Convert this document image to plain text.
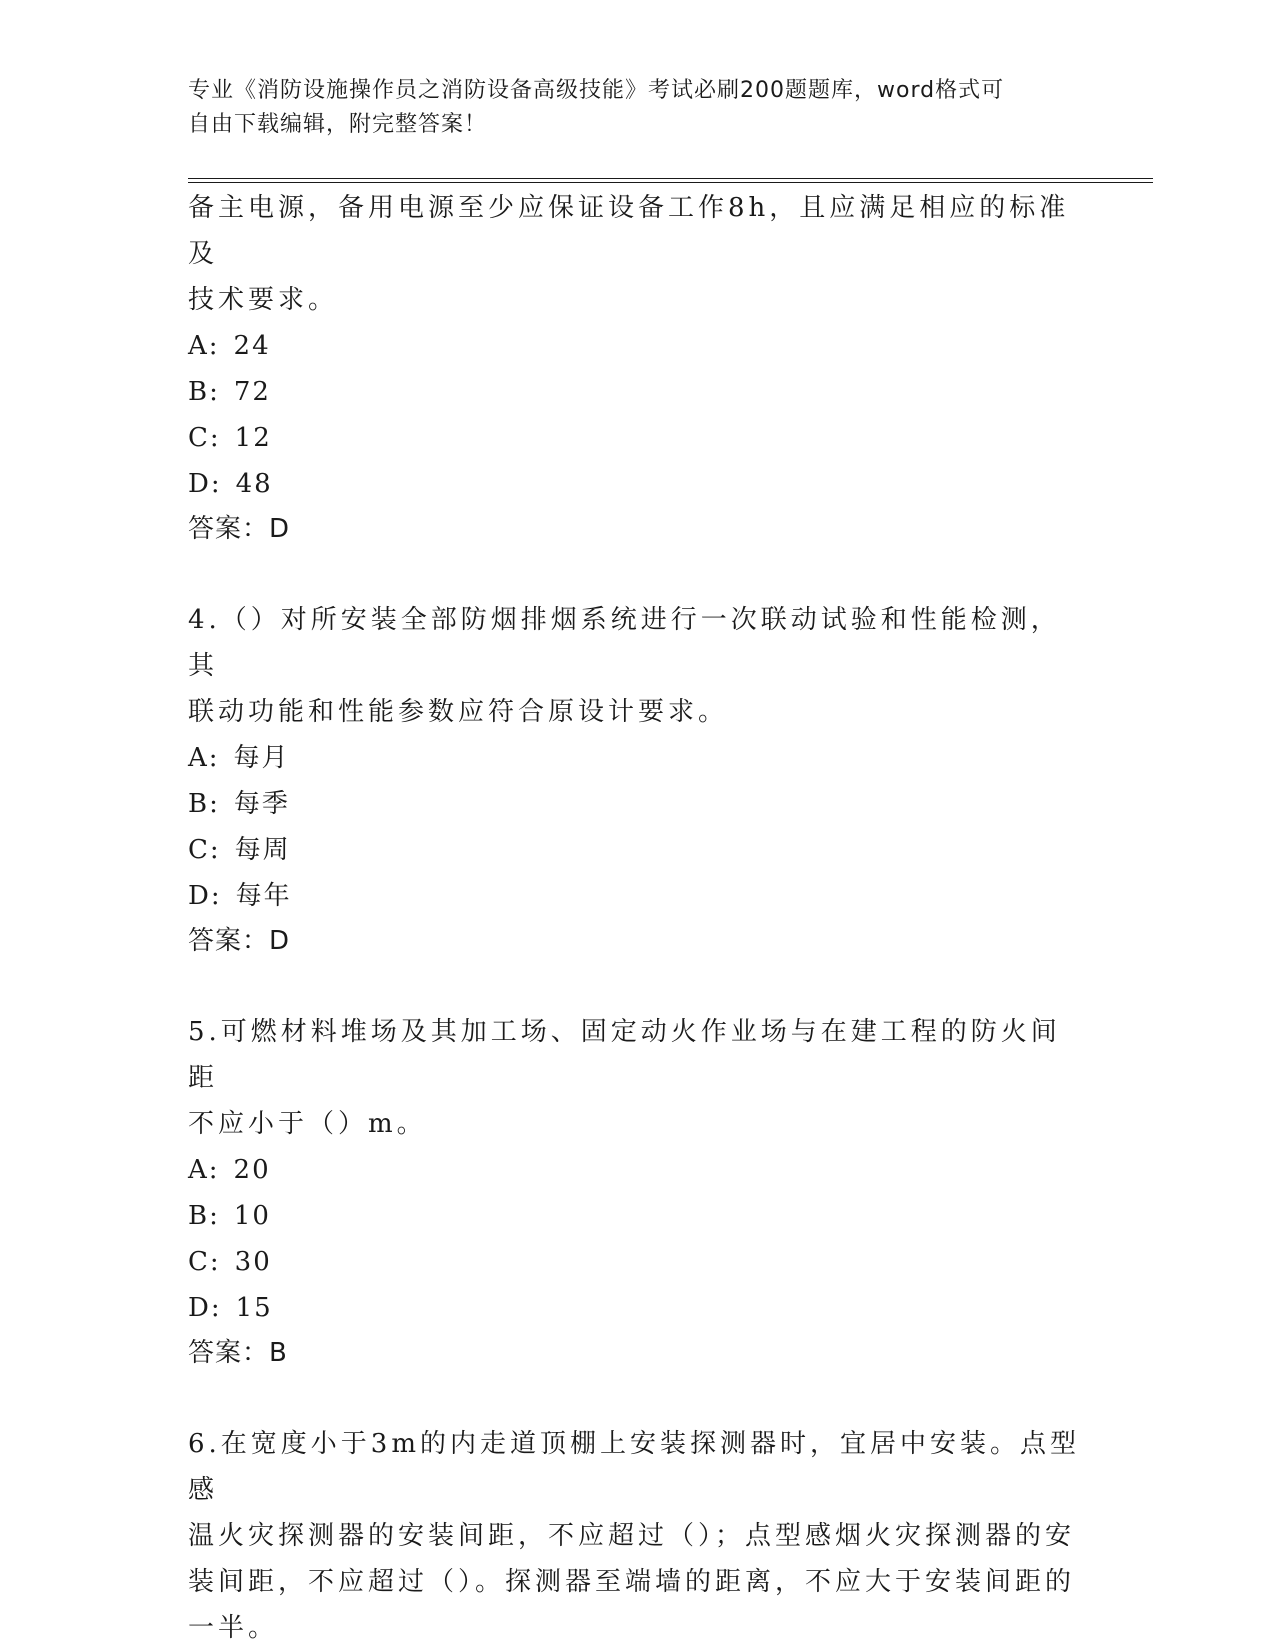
专业《消防设施操作员之消防设备高级技能》考试必刷200题题库，word格式可
自由下载编辑，附完整答案！
备主电源，备用电源至少应保证设备工作8h，且应满足相应的标准及
技术要求。
A: 24
B: 72
C: 12
D: 48
答案：D
4.（）对所安装全部防烟排烟系统进行一次联动试验和性能检测，其
联动功能和性能参数应符合原设计要求。
A: 每月
B: 每季
C: 每周
D: 每年
答案：D
5.可燃材料堆场及其加工场、固定动火作业场与在建工程的防火间距
不应小于（）m。
A: 20
B: 10
C: 30
D: 15
答案：B
6.在宽度小于3m的内走道顶棚上安装探测器时，宜居中安装。点型感
温火灾探测器的安装间距，不应超过（）；点型感烟火灾探测器的安
装间距，不应超过（）。探测器至端墙的距离，不应大于安装间距的
一半。
